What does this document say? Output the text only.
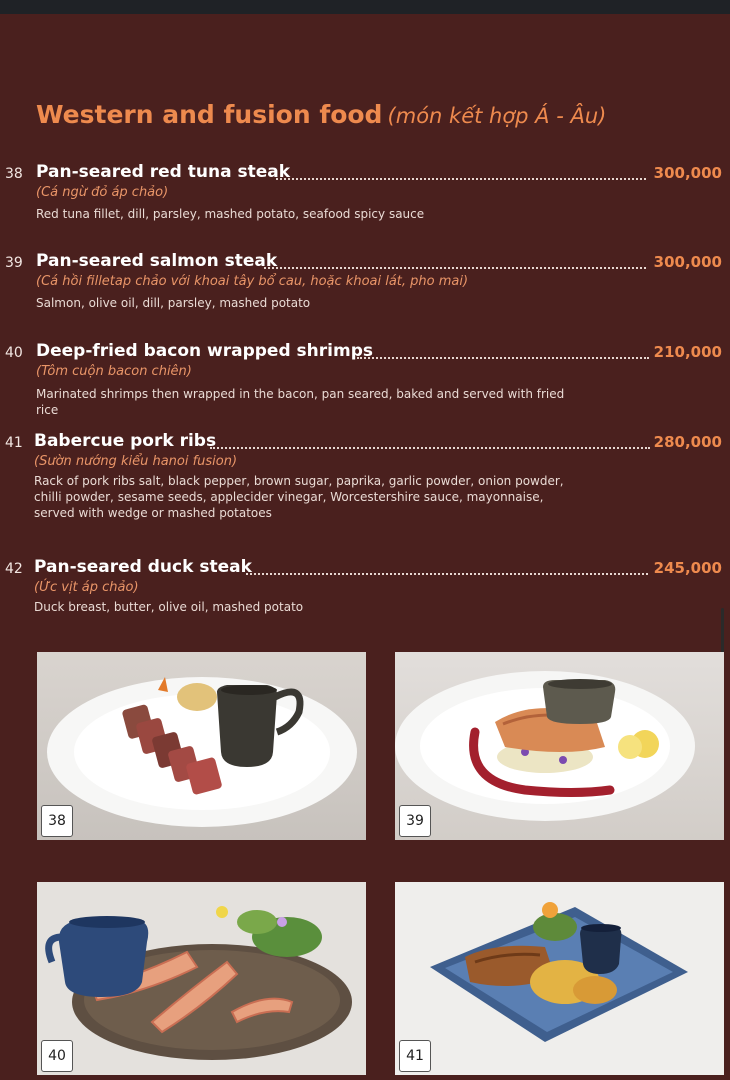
Western and fusion food (món kết hợp Á - Âu)
38 Pan-seared red tuna steak	300,000
(Cá ngừ đỏ áp chảo)
Red tuna fillet, dill, parsley, mashed potato, seafood spicy sauce
39 Pan-seared salmon steak	300,000
(Cá hồi filletap chảo với khoai tây bổ cau, hoặc khoai lát, pho mai)
Salmon, olive oil, dill, parsley, mashed potato
40 Deep-fried bacon wrapped shrimps	210,000
(Tôm cuộn bacon chiên)
Marinated shrimps then wrapped in the bacon, pan seared, baked and served with fried rice
41 Babercue pork ribs	280,000
(Sườn nướng kiểu hanoi fusion)
Rack of pork ribs salt, black pepper, brown sugar, paprika, garlic powder, onion powder, chilli powder, sesame seeds, applecider vinegar, Worcestershire sauce, mayonnaise, served with wedge or mashed potatoes
42 Pan-seared duck steak	245,000
(Ức vịt áp chảo)
Duck breast, butter, olive oil, mashed potato
38	39
40	41
